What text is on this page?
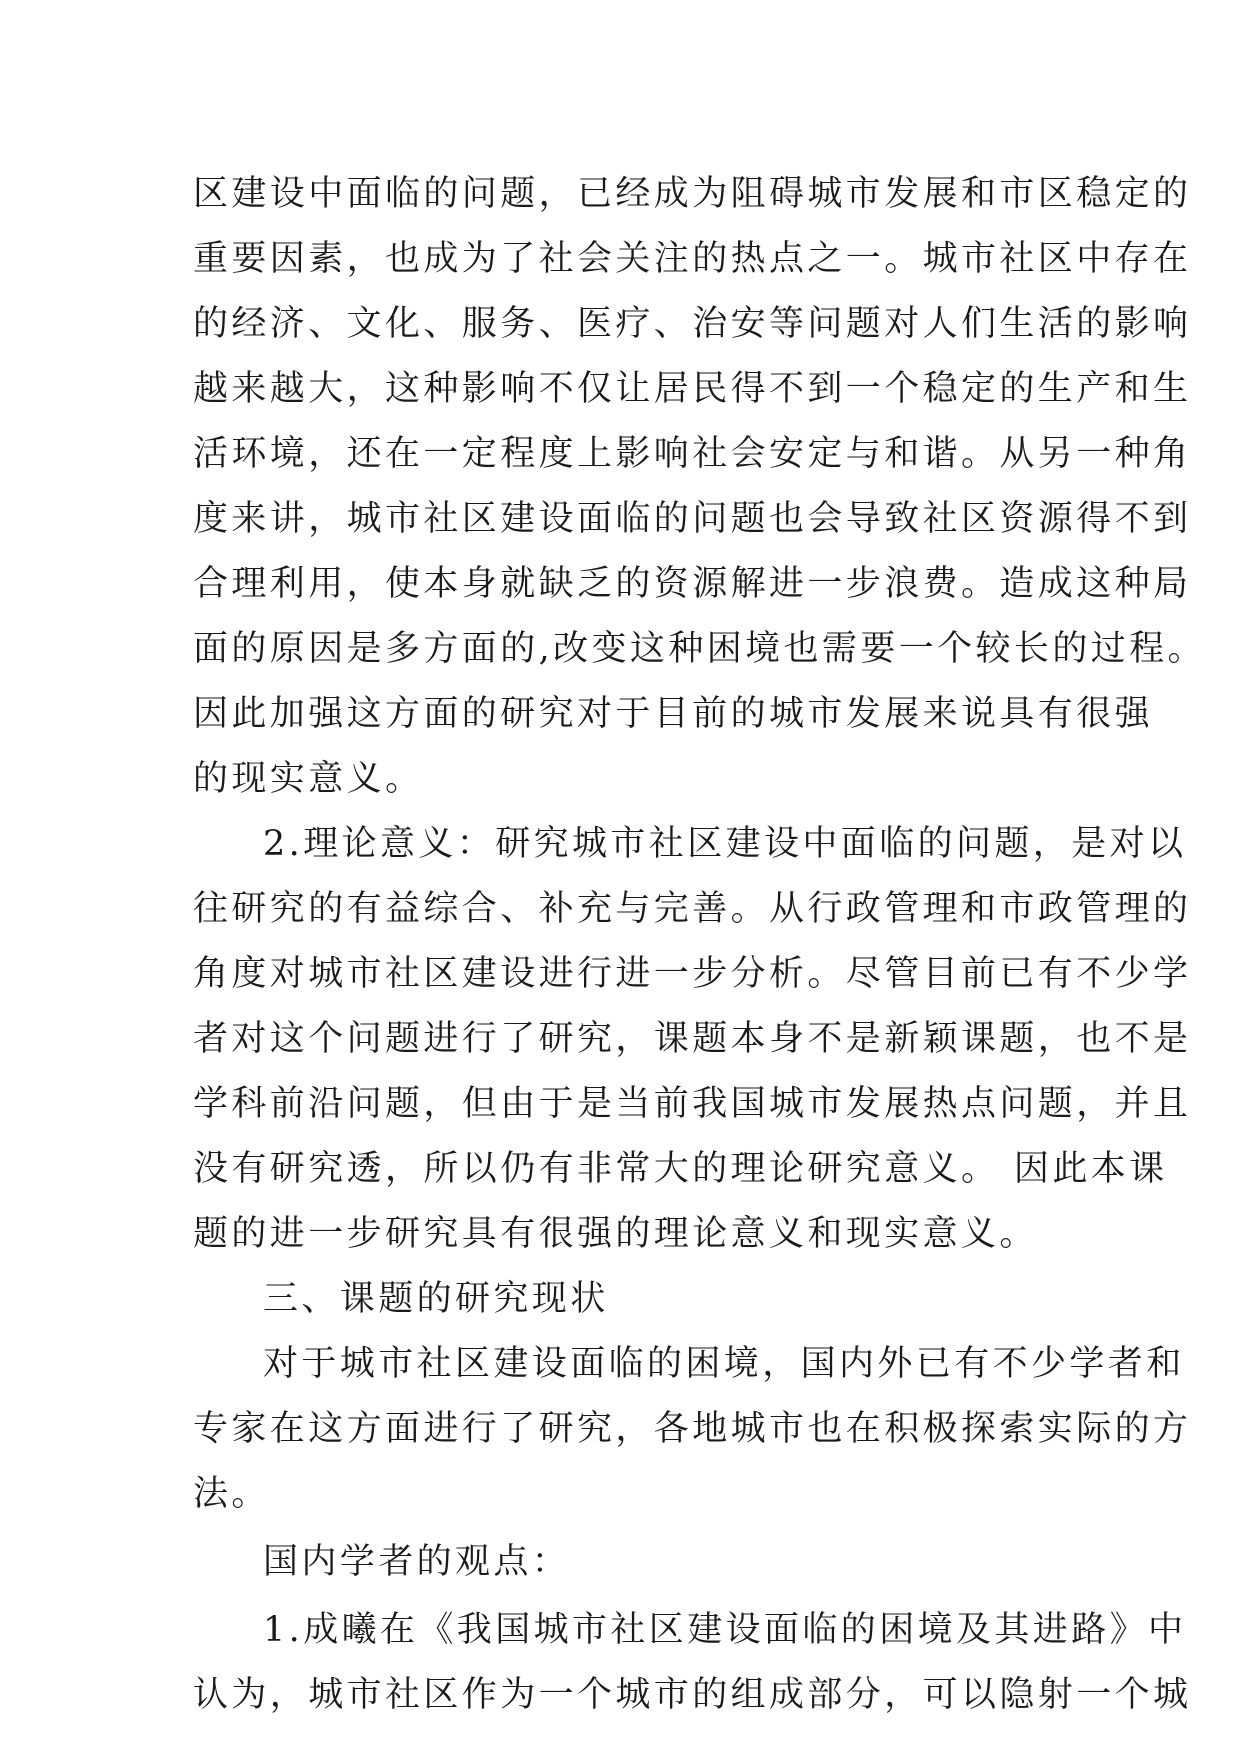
区建设中面临的问题，已经成为阻碍城市发展和市区稳定的
重要因素，也成为了社会关注的热点之一。城市社区中存在
的经济、文化、服务、医疗、治安等问题对人们生活的影响
越来越大，这种影响不仅让居民得不到一个稳定的生产和生
活环境，还在一定程度上影响社会安定与和谐。从另一种角
度来讲，城市社区建设面临的问题也会导致社区资源得不到
合理利用，使本身就缺乏的资源解进一步浪费。造成这种局
面的原因是多方面的,改变这种困境也需要一个较长的过程。
因此加强这方面的研究对于目前的城市发展来说具有很强
的现实意义。
2.理论意义：研究城市社区建设中面临的问题，是对以
往研究的有益综合、补充与完善。从行政管理和市政管理的
角度对城市社区建设进行进一步分析。尽管目前已有不少学
者对这个问题进行了研究，课题本身不是新颖课题，也不是
学科前沿问题，但由于是当前我国城市发展热点问题，并且
没有研究透，所以仍有非常大的理论研究意义。 因此本课
题的进一步研究具有很强的理论意义和现实意义。
三、课题的研究现状
对于城市社区建设面临的困境，国内外已有不少学者和
专家在这方面进行了研究，各地城市也在积极探索实际的方
法。
国内学者的观点：
1.成曦在《我国城市社区建设面临的困境及其进路》中
认为，城市社区作为一个城市的组成部分，可以隐射一个城
